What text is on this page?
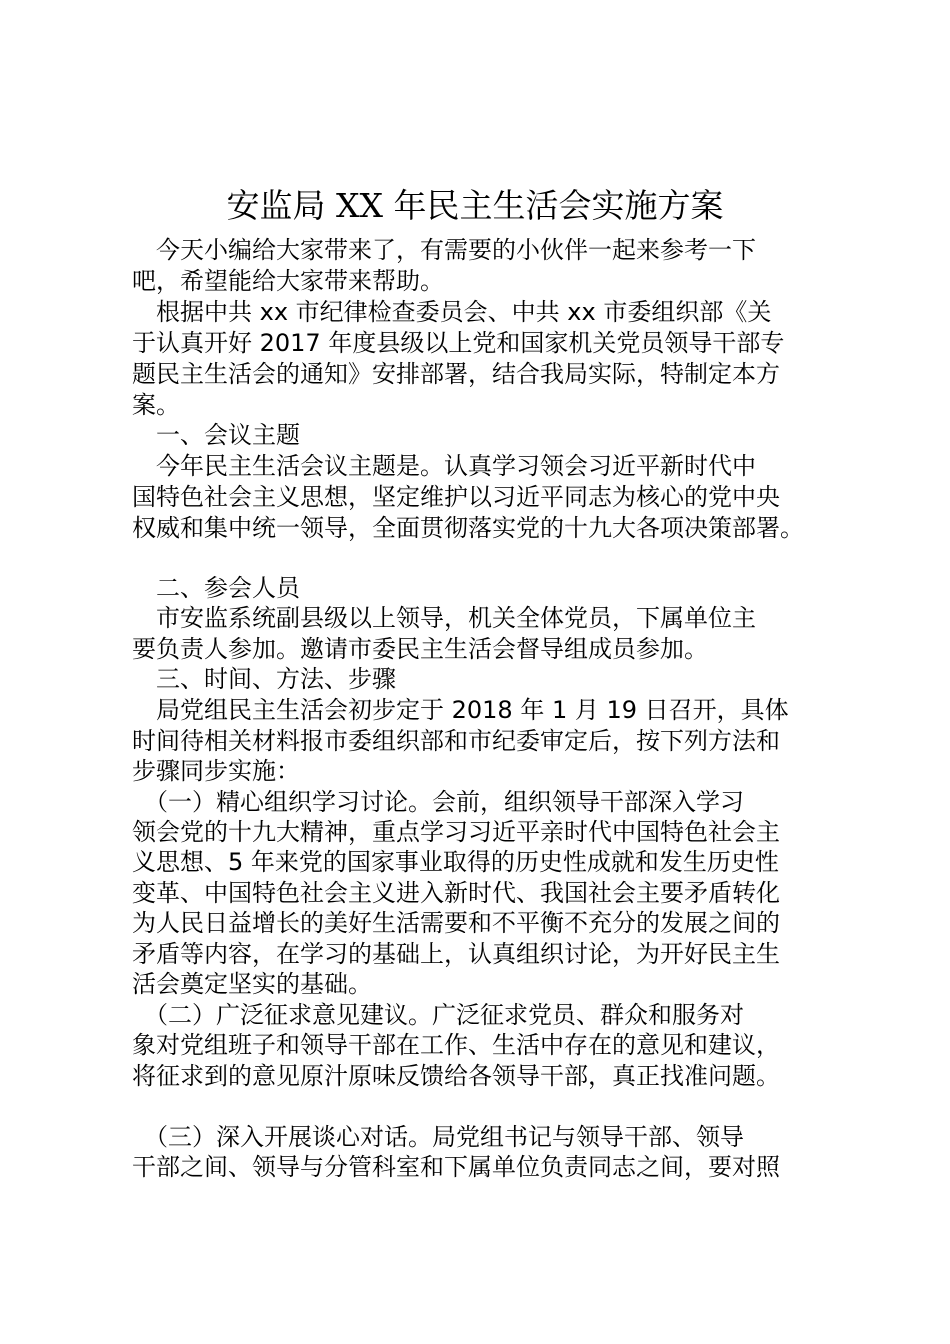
安监局 XX 年民主生活会实施方案
　今天小编给大家带来了，有需要的小伙伴一起来参考一下
吧，希望能给大家带来帮助。
　根据中共 xx 市纪律检查委员会、中共 xx 市委组织部《关
于认真开好 2017 年度县级以上党和国家机关党员领导干部专
题民主生活会的通知》安排部署，结合我局实际，特制定本方
案。
　一、会议主题
　今年民主生活会议主题是。认真学习领会习近平新时代中
国特色社会主义思想，坚定维护以习近平同志为核心的党中央
权威和集中统一领导，全面贯彻落实党的十九大各项决策部署。
　二、参会人员
　市安监系统副县级以上领导，机关全体党员，下属单位主
要负责人参加。邀请市委民主生活会督导组成员参加。
　三、时间、方法、步骤
　局党组民主生活会初步定于 2018 年 1 月 19 日召开，具体
时间待相关材料报市委组织部和市纪委审定后，按下列方法和
步骤同步实施：
　（一）精心组织学习讨论。会前，组织领导干部深入学习
领会党的十九大精神，重点学习习近平亲时代中国特色社会主
义思想、5 年来党的国家事业取得的历史性成就和发生历史性
变革、中国特色社会主义进入新时代、我国社会主要矛盾转化
为人民日益增长的美好生活需要和不平衡不充分的发展之间的
矛盾等内容，在学习的基础上，认真组织讨论，为开好民主生
活会奠定坚实的基础。
　（二）广泛征求意见建议。广泛征求党员、群众和服务对
象对党组班子和领导干部在工作、生活中存在的意见和建议，
将征求到的意见原汁原味反馈给各领导干部，真正找准问题。
　（三）深入开展谈心对话。局党组书记与领导干部、领导
干部之间、领导与分管科室和下属单位负责同志之间，要对照
